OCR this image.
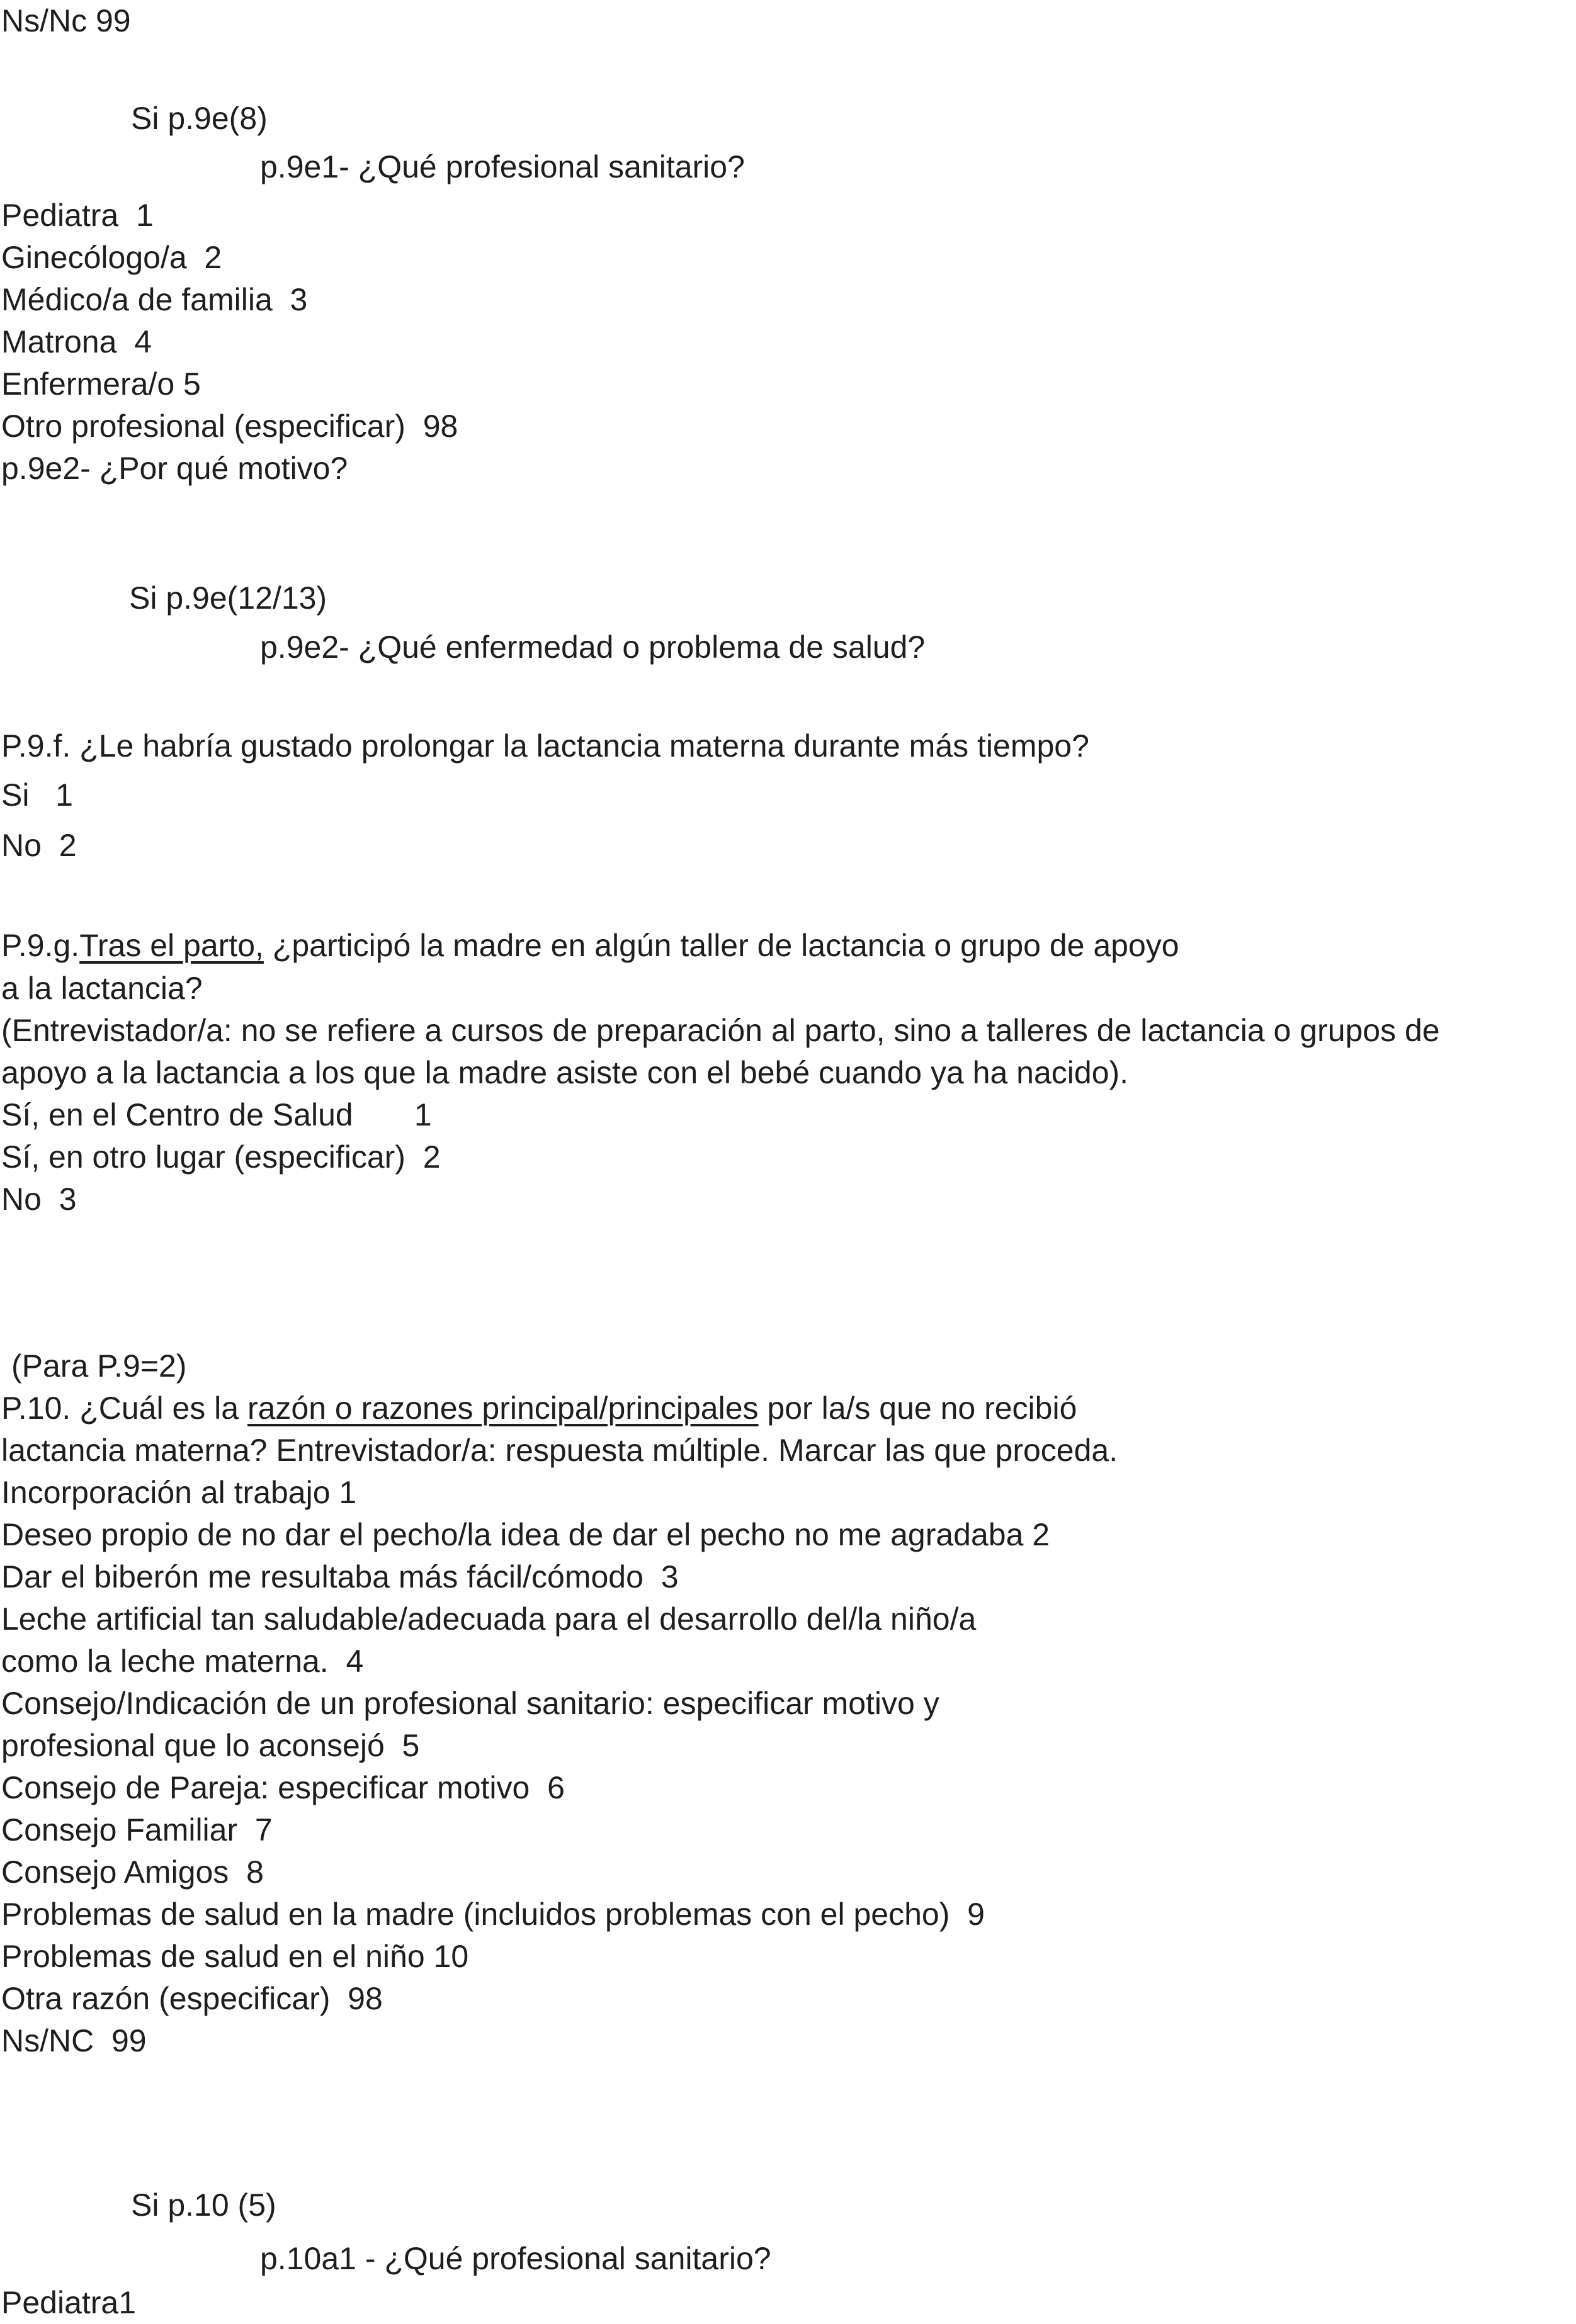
Ns/Nc 99
Si p.9e(8)
p.9e1- ¿Qué profesional sanitario?
Pediatra  1
Ginecólogo/a  2
Médico/a de familia  3
Matrona  4
Enfermera/o 5
Otro profesional (especificar)  98
p.9e2- ¿Por qué motivo?
Si p.9e(12/13)
p.9e2- ¿Qué enfermedad o problema de salud?
P.9.f. ¿Le habría gustado prolongar la lactancia materna durante más tiempo?
Si   1
No  2
P.9.g.Tras el parto, ¿participó la madre en algún taller de lactancia o grupo de apoyo
a la lactancia?
(Entrevistador/a: no se refiere a cursos de preparación al parto, sino a talleres de lactancia o grupos de
apoyo a la lactancia a los que la madre asiste con el bebé cuando ya ha nacido).
Sí, en el Centro de Salud       1
Sí, en otro lugar (especificar)  2
No  3
(Para P.9=2)
P.10. ¿Cuál es la razón o razones principal/principales por la/s que no recibió
lactancia materna? Entrevistador/a: respuesta múltiple. Marcar las que proceda.
Incorporación al trabajo 1
Deseo propio de no dar el pecho/la idea de dar el pecho no me agradaba 2
Dar el biberón me resultaba más fácil/cómodo  3
Leche artificial tan saludable/adecuada para el desarrollo del/la niño/a
como la leche materna.  4
Consejo/Indicación de un profesional sanitario: especificar motivo y
profesional que lo aconsejó  5
Consejo de Pareja: especificar motivo  6
Consejo Familiar  7
Consejo Amigos  8
Problemas de salud en la madre (incluidos problemas con el pecho)  9
Problemas de salud en el niño 10
Otra razón (especificar)  98
Ns/NC  99
Si p.10 (5)
p.10a1 - ¿Qué profesional sanitario?
Pediatra1
